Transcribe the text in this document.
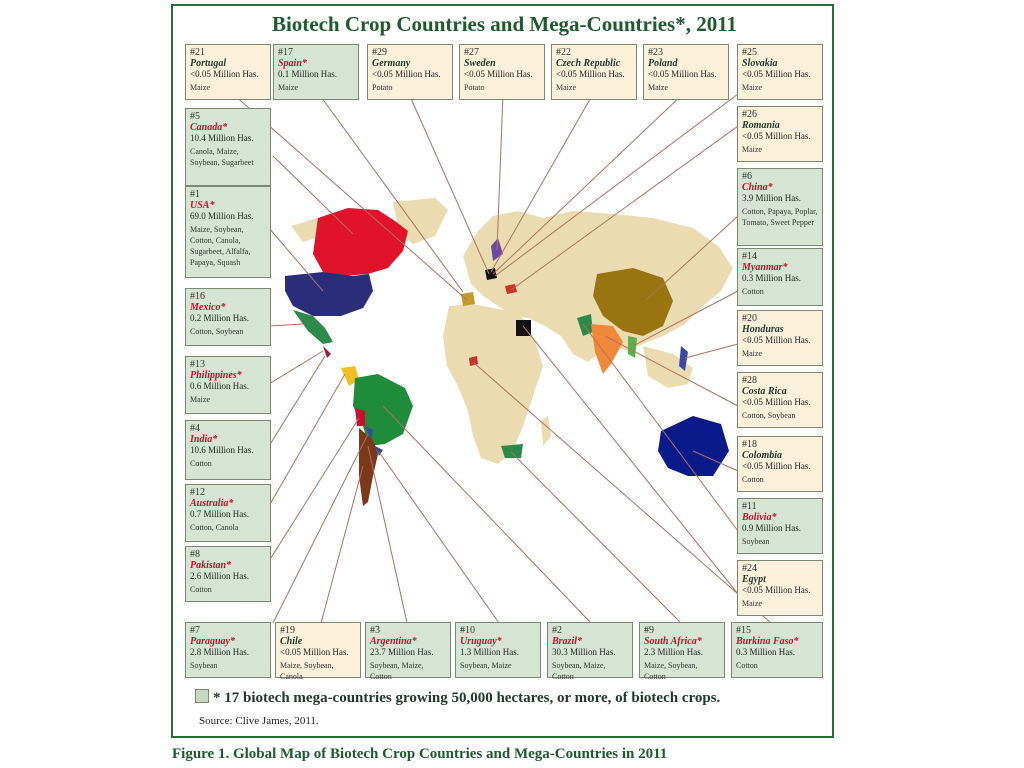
Biotech Crop Countries and Mega-Countries*, 2011
#21
Portugal
<0.05 Million Has.
Maize
#17
Spain*
0.1 Million Has.
Maize
#29
Germany
<0.05 Million Has.
Potato
#27
Sweden
<0.05 Million Has.
Potato
#22
Czech Republic
<0.05 Million Has.
Maize
#23
Poland
<0.05 Million Has.
Maize
#25
Slovakia
<0.05 Million Has.
Maize
#5
Canada*
10.4 Million Has.
Canola, Maize, Soybean, Sugarbeet
#26
Romania
<0.05 Million Has.
Maize
#1
USA*
69.0 Million Has.
Maize, Soybean, Cotton, Canola, Sugarbeet, Alfalfa, Papaya, Squash
#6
China*
3.9 Million Has.
Cotton, Papaya, Poplar, Tomato, Sweet Pepper
#16
Mexico*
0.2 Million Has.
Cotton, Soybean
#14
Myanmar*
0.3 Million Has.
Cotton
#13
Philippines*
0.6 Million Has.
Maize
#20
Honduras
<0.05 Million Has.
Maize
#4
India*
10.6 Million Has.
Cotton
#28
Costa Rica
<0.05 Million Has.
Cotton, Soybean
#12
Australia*
0.7 Million Has.
Cotton, Canola
#18
Colombia
<0.05 Million Has.
Cotton
#8
Pakistan*
2.6 Million Has.
Cotton
#11
Bolivia*
0.9 Million Has.
Soybean
#24
Egypt
<0.05 Million Has.
Maize
#7
Paraguay*
2.8 Million Has.
Soybean
#19
Chile
<0.05 Million Has.
Maize, Soybean, Canola
#3
Argentina*
23.7 Million Has.
Soybean, Maize, Cotton
#10
Uruguay*
1.3 Million Has.
Soybean, Maize
#2
Brazil*
30.3 Million Has.
Soybean, Maize, Cotton
#9
South Africa*
2.3 Million Has.
Maize, Soybean, Cotton
#15
Burkina Faso*
0.3 Million Has.
Cotton
* 17 biotech mega-countries growing 50,000 hectares, or more, of biotech crops.
Source: Clive James, 2011.
Figure 1. Global Map of Biotech Crop Countries and Mega-Countries in 2011
